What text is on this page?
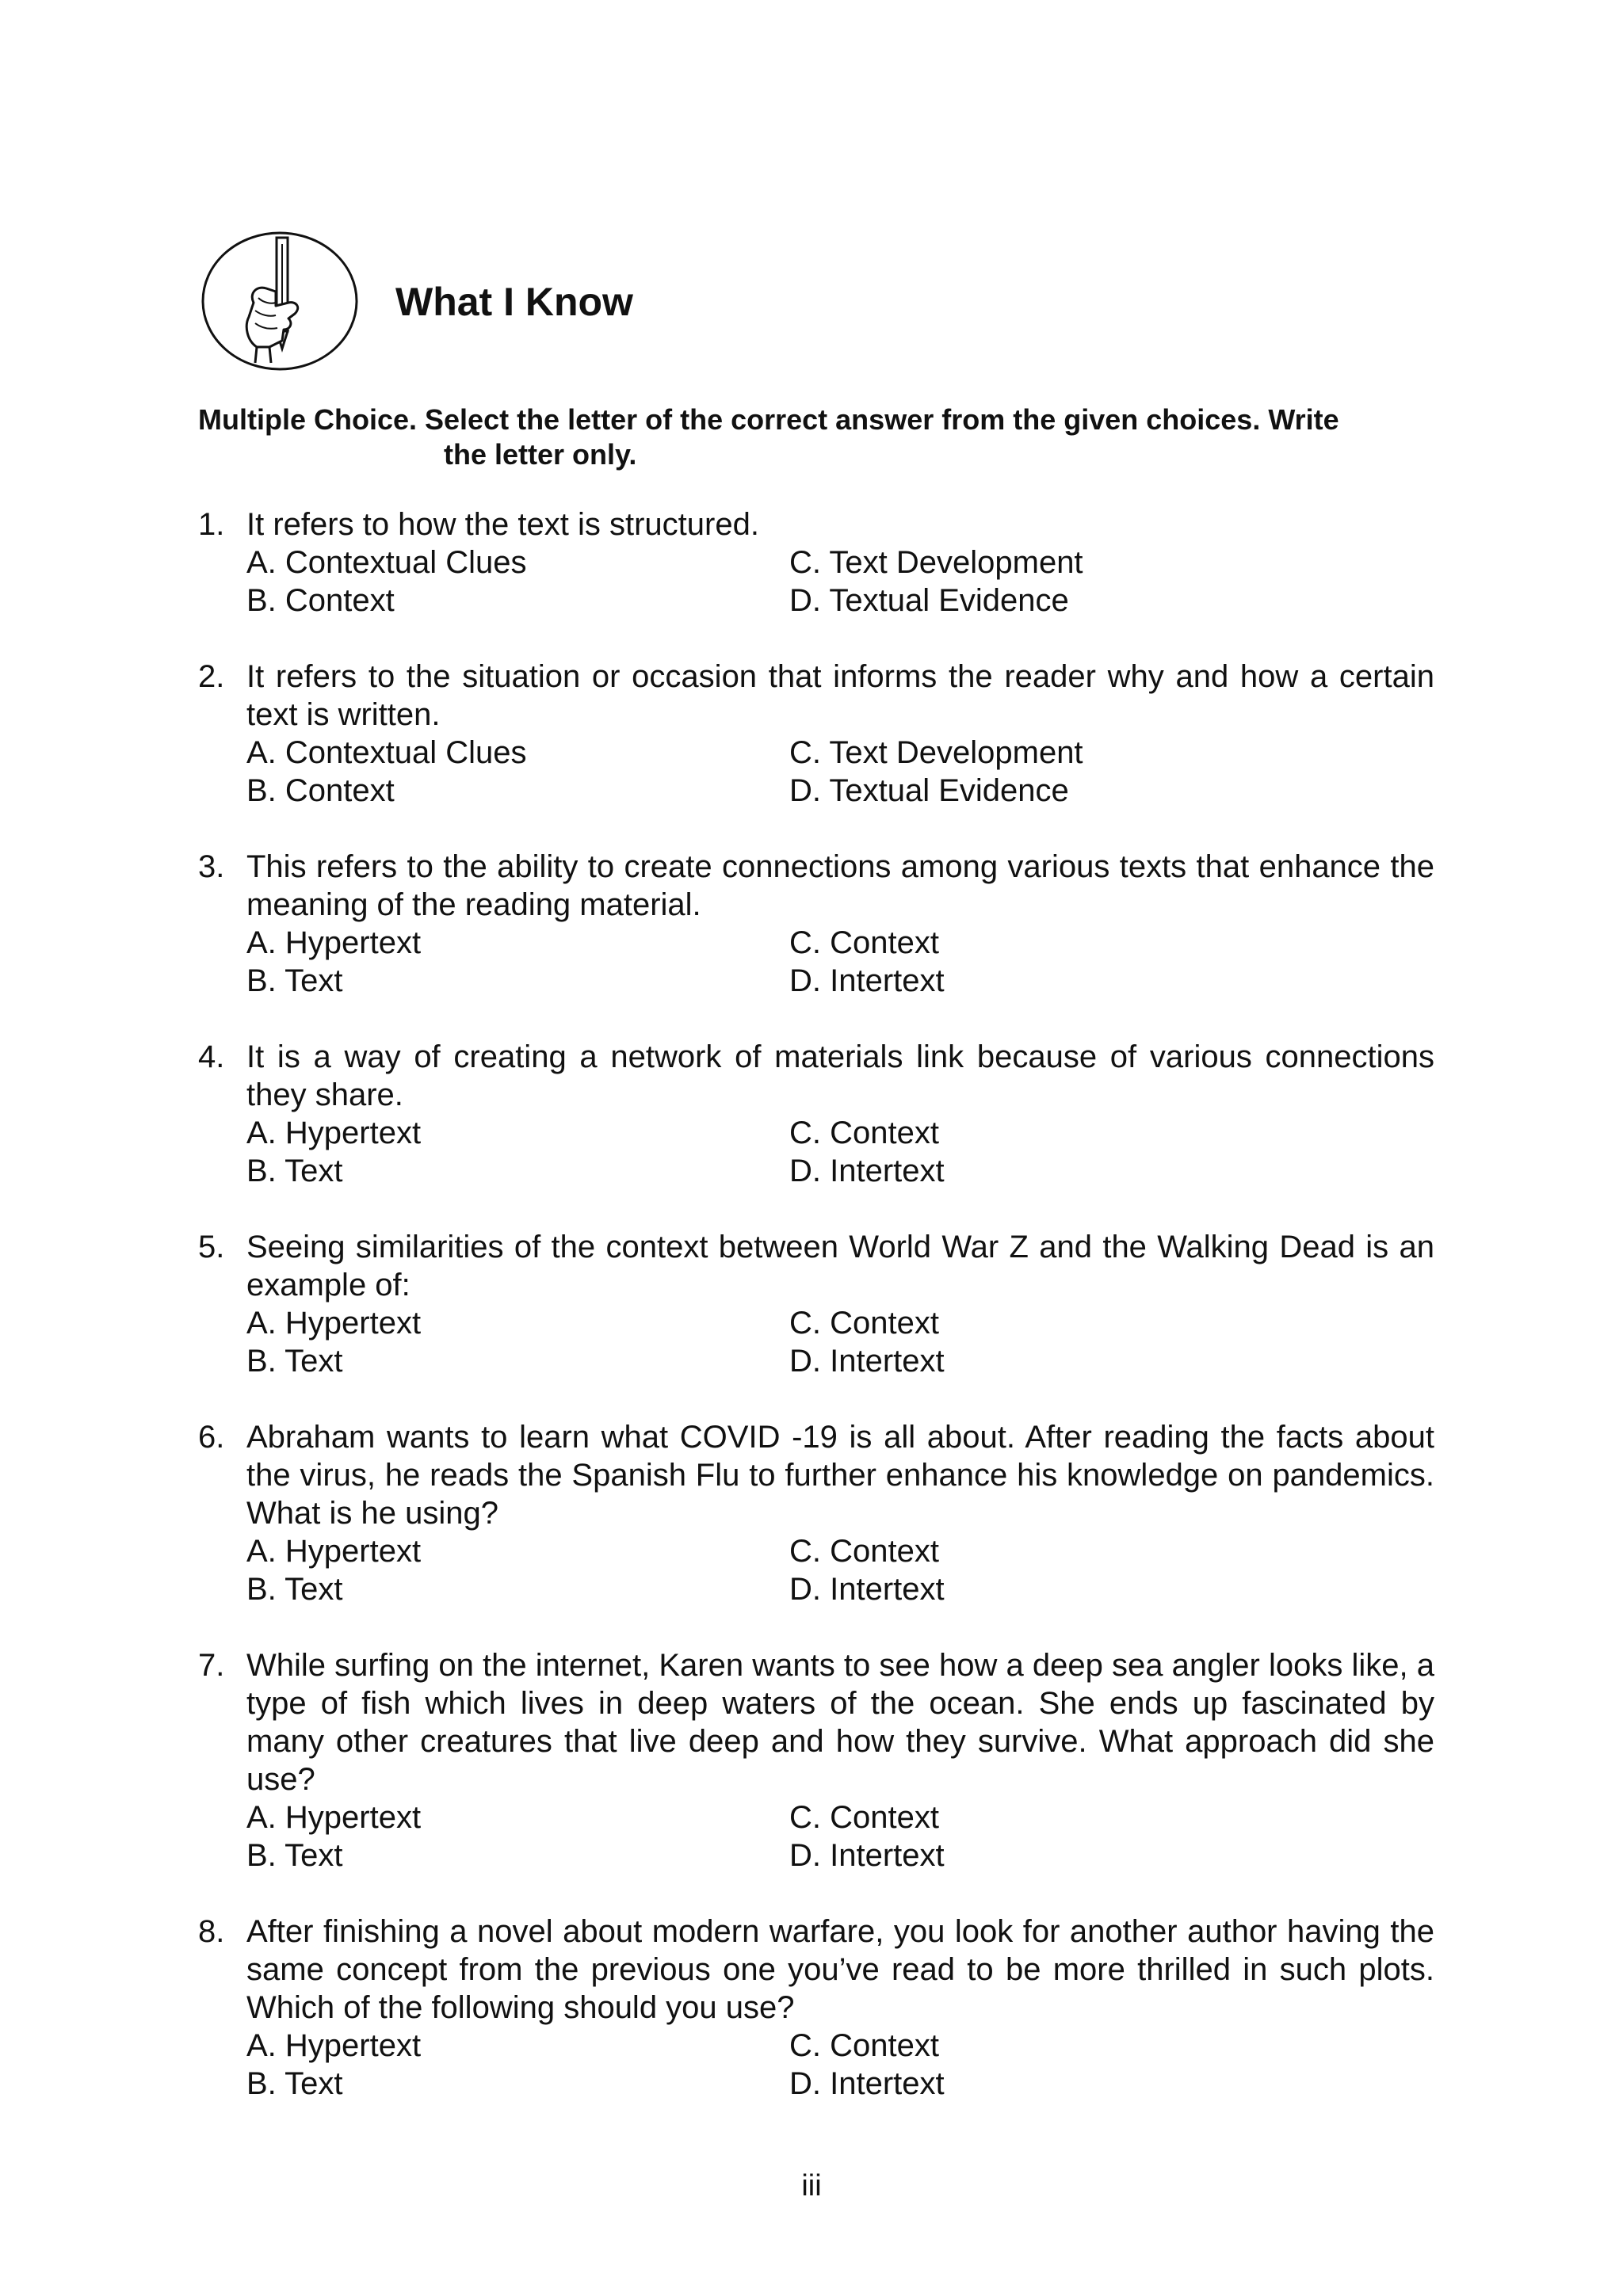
What I Know
Multiple Choice. Select the letter of the correct answer from the given choices. Write
the letter only.
1. It refers to how the text is structured.
A. Contextual Clues	C. Text Development
B. Context	D. Textual Evidence
2. It refers to the situation or occasion that informs the reader why and how a certain text is written.
A. Contextual Clues	C. Text Development
B. Context	D. Textual Evidence
3. This refers to the ability to create connections among various texts that enhance the meaning of the reading material.
A. Hypertext	C. Context
B. Text	D. Intertext
4. It is a way of creating a network of materials link because of various connections they share.
A. Hypertext	C. Context
B. Text	D. Intertext
5. Seeing similarities of the context between World War Z and the Walking Dead is an example of:
A. Hypertext	C. Context
B. Text	D. Intertext
6. Abraham wants to learn what COVID -19 is all about. After reading the facts about the virus, he reads the Spanish Flu to further enhance his knowledge on pandemics. What is he using?
A. Hypertext	C. Context
B. Text	D. Intertext
7. While surfing on the internet, Karen wants to see how a deep sea angler looks like, a type of fish which lives in deep waters of the ocean. She ends up fascinated by many other creatures that live deep and how they survive. What approach did she use?
A. Hypertext	C. Context
B. Text	D. Intertext
8. After finishing a novel about modern warfare, you look for another author having the same concept from the previous one you’ve read to be more thrilled in such plots. Which of the following should you use?
A. Hypertext	C. Context
B. Text	D. Intertext
iii
